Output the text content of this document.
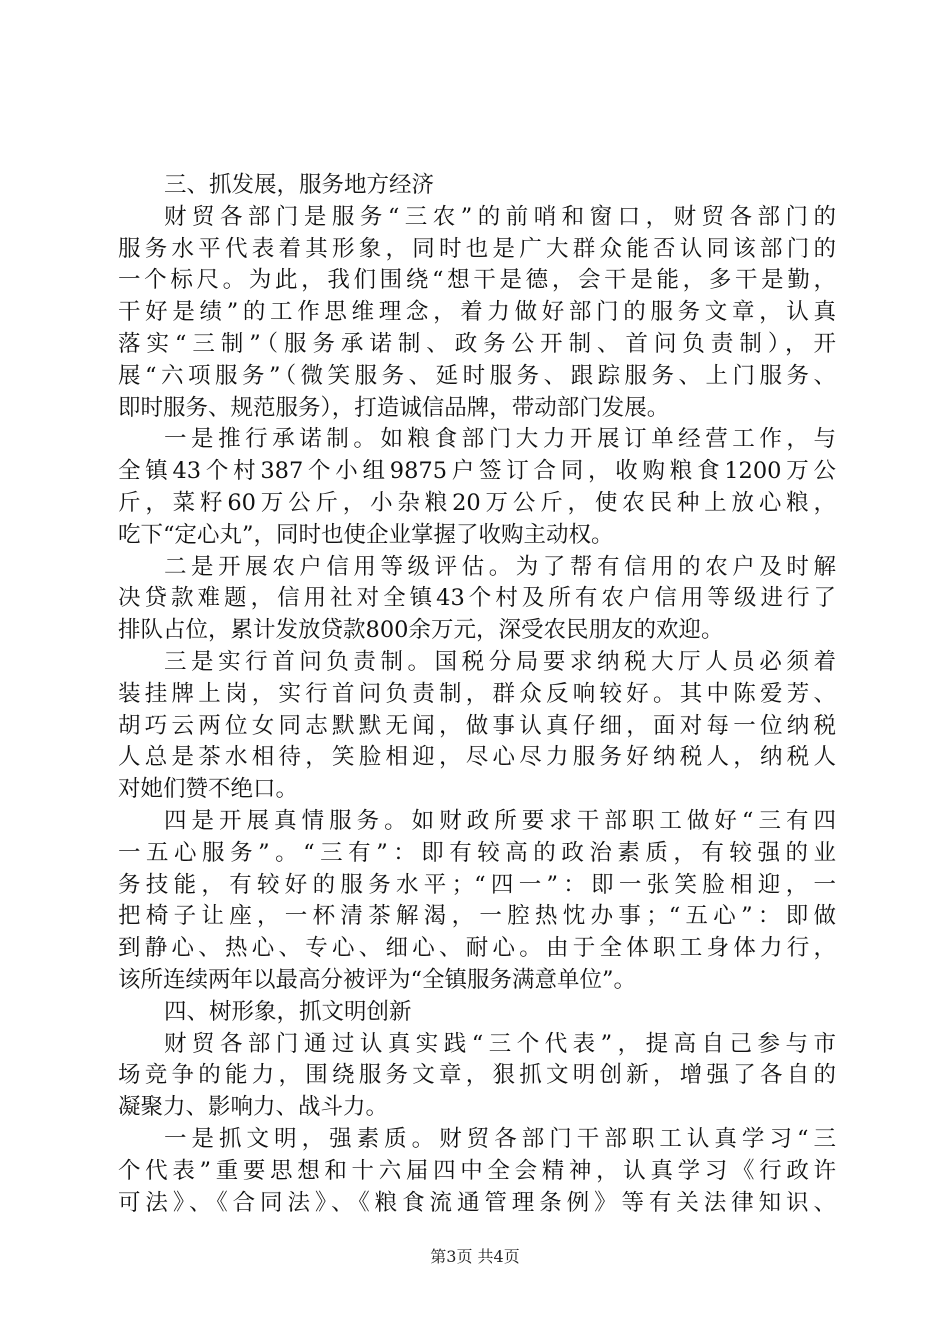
三、抓发展，服务地方经济
财贸各部门是服务“三农”的前哨和窗口，财贸各部门的
服务水平代表着其形象，同时也是广大群众能否认同该部门的
一个标尺。为此，我们围绕“想干是德，会干是能，多干是勤，
干好是绩”的工作思维理念，着力做好部门的服务文章，认真
落实“三制”（服务承诺制、政务公开制、首问负责制），开
展“六项服务”（微笑服务、延时服务、跟踪服务、上门服务、
即时服务、规范服务），打造诚信品牌，带动部门发展。
一是推行承诺制。如粮食部门大力开展订单经营工作，与
全镇43个村387个小组9875户签订合同，收购粮食1200万公
斤，菜籽60万公斤，小杂粮20万公斤，使农民种上放心粮，
吃下“定心丸”，同时也使企业掌握了收购主动权。
二是开展农户信用等级评估。为了帮有信用的农户及时解
决贷款难题，信用社对全镇43个村及所有农户信用等级进行了
排队占位，累计发放贷款800余万元，深受农民朋友的欢迎。
三是实行首问负责制。国税分局要求纳税大厅人员必须着
装挂牌上岗，实行首问负责制，群众反响较好。其中陈爱芳、
胡巧云两位女同志默默无闻，做事认真仔细，面对每一位纳税
人总是茶水相待，笑脸相迎，尽心尽力服务好纳税人，纳税人
对她们赞不绝口。
四是开展真情服务。如财政所要求干部职工做好“三有四
一五心服务”。“三有”：即有较高的政治素质，有较强的业
务技能，有较好的服务水平；“四一”：即一张笑脸相迎，一
把椅子让座，一杯清茶解渴，一腔热忱办事；“五心”：即做
到静心、热心、专心、细心、耐心。由于全体职工身体力行，
该所连续两年以最高分被评为“全镇服务满意单位”。
四、树形象，抓文明创新
财贸各部门通过认真实践“三个代表”，提高自己参与市
场竞争的能力，围绕服务文章，狠抓文明创新，增强了各自的
凝聚力、影响力、战斗力。
一是抓文明，强素质。财贸各部门干部职工认真学习“三
个代表”重要思想和十六届四中全会精神，认真学习《行政许
可法》、《合同法》、《粮食流通管理条例》等有关法律知识、
第3页 共4页
